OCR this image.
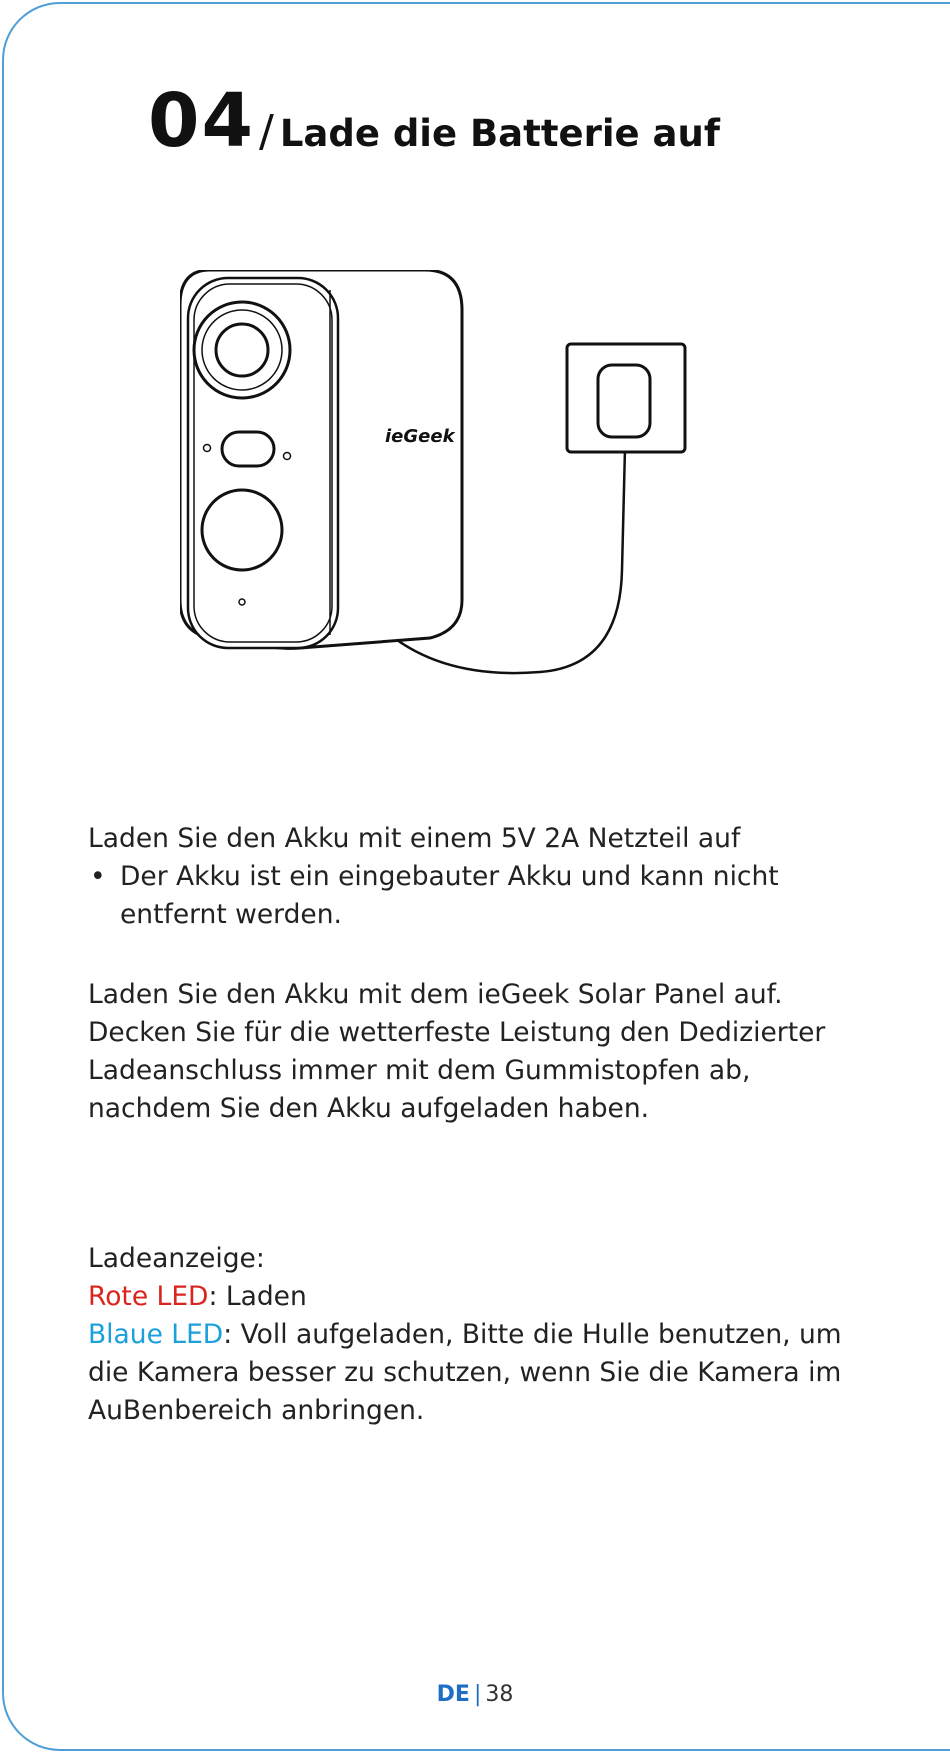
04 / Lade die Batterie auf
ieGeek
Laden Sie den Akku mit einem 5V 2A Netzteil auf
• Der Akku ist ein eingebauter Akku und kann nicht entfernt werden.
Laden Sie den Akku mit dem ieGeek Solar Panel auf.
Decken Sie für die wetterfeste Leistung den Dedizierter Ladeanschluss immer mit dem Gummistopfen ab, nachdem Sie den Akku aufgeladen haben.
Ladeanzeige:
Rote LED: Laden
Blaue LED: Voll aufgeladen, Bitte die Hulle benutzen, um die Kamera besser zu schutzen, wenn Sie die Kamera im AuBenbereich anbringen.
DE | 38
